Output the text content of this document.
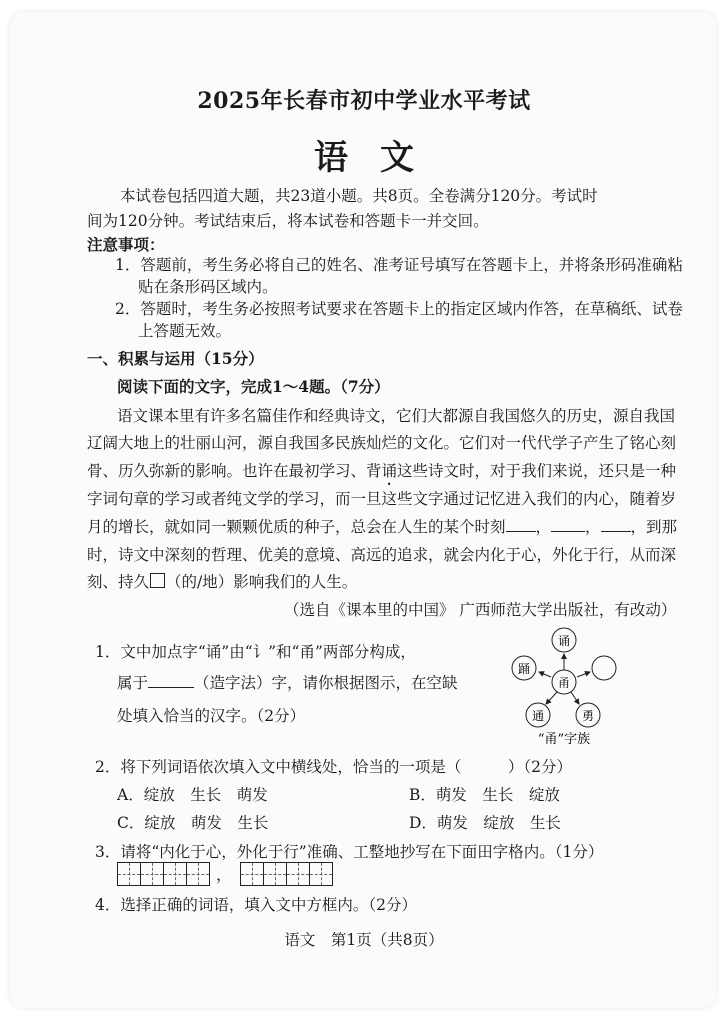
2025年长春市初中学业水平考试
语文
本试卷包括四道大题，共23道小题。共8页。全卷满分120分。考试时
间为120分钟。考试结束后，将本试卷和答题卡一并交回。
注意事项：
1．答题前，考生务必将自己的姓名、准考证号填写在答题卡上，并将条形码准确粘
贴在条形码区域内。
2．答题时，考生务必按照考试要求在答题卡上的指定区域内作答，在草稿纸、试卷
上答题无效。
一、积累与运用（15分）
阅读下面的文字，完成1～4题。（7分）
语文课本里有许多名篇佳作和经典诗文，它们大都源自我国悠久的历史，源自我国
辽阔大地上的壮丽山河，源自我国多民族灿烂的文化。它们对一代代学子产生了铭心刻
骨、历久弥新的影响。也许在最初学习、背诵这些诗文时，对于我们来说，还只是一种
字词句章的学习或者纯文学的学习，而一旦这些文字通过记忆进入我们的内心，随着岁
月的增长，就如同一颗颗优质的种子，总会在人生的某个时刻 ， ， ，到那
时，诗文中深刻的哲理、优美的意境、高远的追求，就会内化于心，外化于行，从而深
刻、持久 （的/地）影响我们的人生。
（选自《课本里的中国》 广西师范大学出版社，有改动）
1．文中加点字“诵”由“讠”和“甬”两部分构成，
属于	（造字法）字，请你根据图示，在空缺
处填入恰当的汉字。（2分）
甬
诵
踊
通	勇
“甬”字族
2．将下列词语依次填入文中横线处，恰当的一项是（　　　）（2分）
A．绽放　生长　萌发	B．萌发　生长　绽放
C．绽放　萌发　生长	D．萌发　绽放　生长
3．请将“内化于心，外化于行”准确、工整地抄写在下面田字格内。（1分）
，
4．选择正确的词语，填入文中方框内。（2分）
语文　第1页（共8页）
